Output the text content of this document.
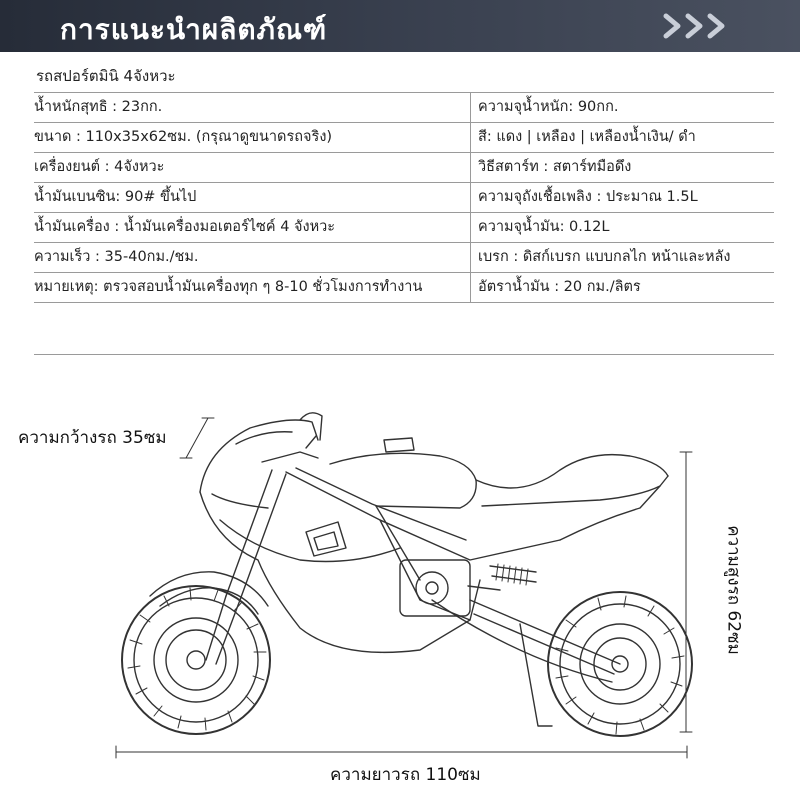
การแนะนำผลิตภัณฑ์
รถสปอร์ตมินิ 4จังหวะ
น้ำหนักสุทธิ : 23กก.	ความจุน้ำหนัก: 90กก.
ขนาด : 110x35x62ซม. (กรุณาดูขนาดรถจริง)	สี: แดง | เหลือง | เหลืองน้ำเงิน/ ดำ
เครื่องยนต์ : 4จังหวะ	วิธีสตาร์ท : สตาร์ทมือดึง
น้ำมันเบนซิน: 90# ขึ้นไป	ความจุถังเชื้อเพลิง : ประมาณ 1.5L
น้ำมันเครื่อง : น้ำมันเครื่องมอเตอร์ไซค์ 4 จังหวะ	ความจุน้ำมัน: 0.12L
ความเร็ว : 35-40กม./ชม.	เบรก : ดิสก์เบรก แบบกลไก หน้าและหลัง
หมายเหตุ: ตรวจสอบน้ำมันเครื่องทุก ๆ 8-10 ชั่วโมงการทำงาน	อัตราน้ำมัน : 20 กม./ลิตร
ความกว้างรถ 35ซม
ความสูงรถ 62ซม
ความยาวรถ 110ซม
